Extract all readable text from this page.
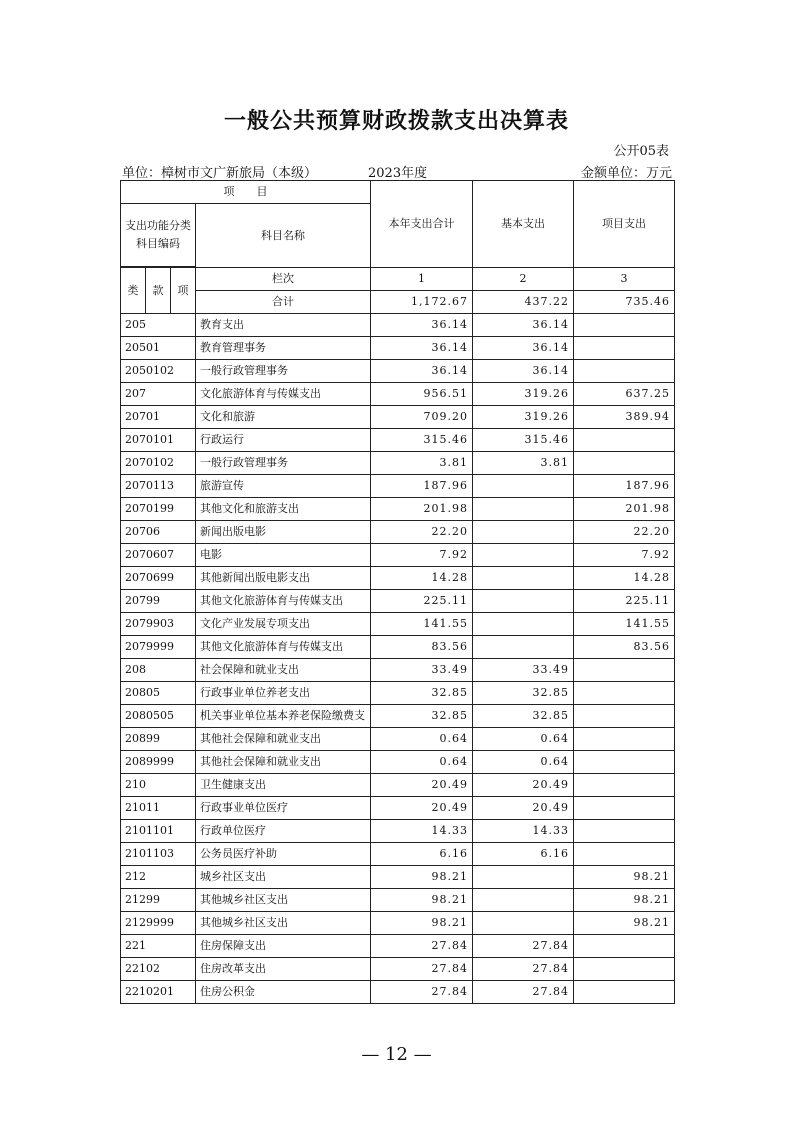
一般公共预算财政拨款支出决算表
公开05表
单位：樟树市文广新旅局（本级）	2023年度	金额单位：万元
项　　目				本年支出合计	基本支出	项目支出

支出功能分类
科目编码			科目名称			

类	款	项	栏次	1	2	3
			合计	1,172.67	437.22	735.46
205			教育支出	36.14	36.14	
20501			教育管理事务	36.14	36.14	
2050102			一般行政管理事务	36.14	36.14	
207			文化旅游体育与传媒支出	956.51	319.26	637.25
20701			文化和旅游	709.20	319.26	389.94
2070101			行政运行	315.46	315.46	
2070102			一般行政管理事务	3.81	3.81	
2070113			旅游宣传	187.96		187.96
2070199			其他文化和旅游支出	201.98		201.98
20706			新闻出版电影	22.20		22.20
2070607			电影	7.92		7.92
2070699			其他新闻出版电影支出	14.28		14.28
20799			其他文化旅游体育与传媒支出	225.11		225.11
2079903			文化产业发展专项支出	141.55		141.55
2079999			其他文化旅游体育与传媒支出	83.56		83.56
208			社会保障和就业支出	33.49	33.49	
20805			行政事业单位养老支出	32.85	32.85	
2080505			机关事业单位基本养老保险缴费支	32.85	32.85	
20899			其他社会保障和就业支出	0.64	0.64	
2089999			其他社会保障和就业支出	0.64	0.64	
210			卫生健康支出	20.49	20.49	
21011			行政事业单位医疗	20.49	20.49	
2101101			行政单位医疗	14.33	14.33	
2101103			公务员医疗补助	6.16	6.16	
212			城乡社区支出	98.21		98.21
21299			其他城乡社区支出	98.21		98.21
2129999			其他城乡社区支出	98.21		98.21
221			住房保障支出	27.84	27.84	
22102			住房改革支出	27.84	27.84	
2210201			住房公积金	27.84	27.84	
— 12 —
